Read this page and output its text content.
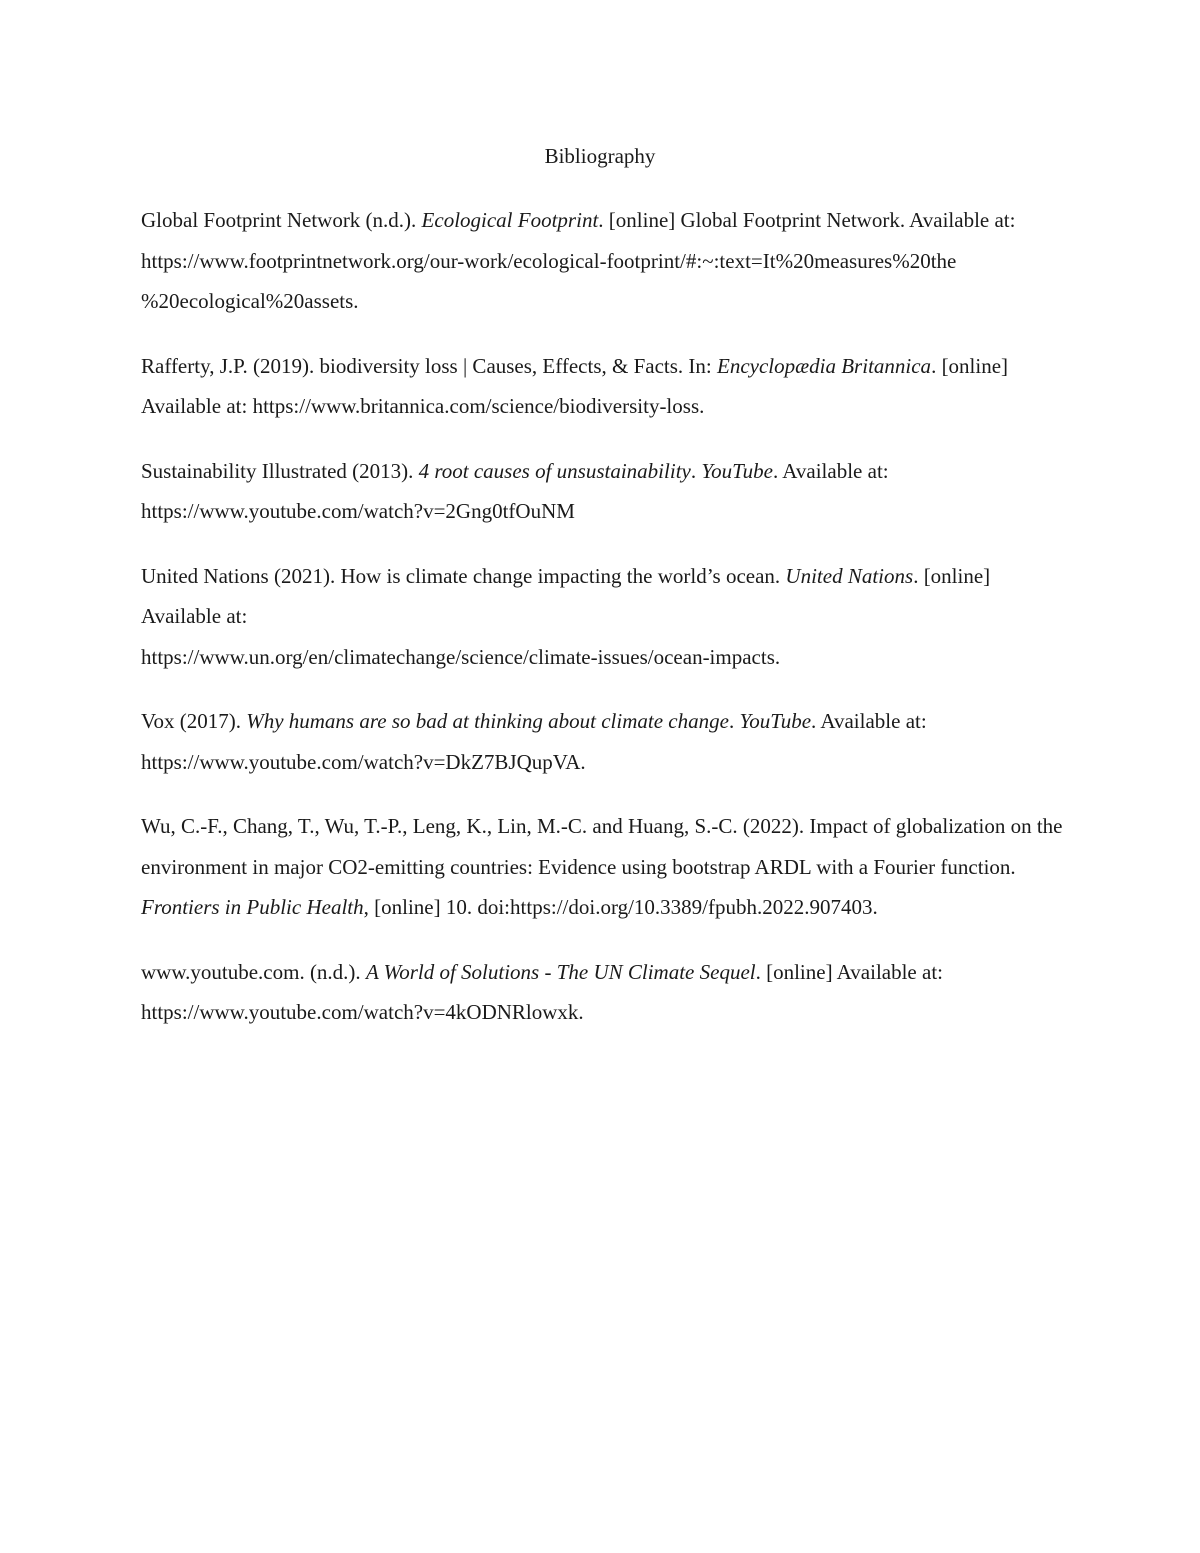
Bibliography

Global Footprint Network (n.d.). Ecological Footprint. [online] Global Footprint Network. Available at:
https://www.footprintnetwork.org/our-work/ecological-footprint/#:~:text=It%20measures%20the
%20ecological%20assets.

Rafferty, J.P. (2019). biodiversity loss | Causes, Effects, & Facts. In: Encyclopædia Britannica. [online] Available at: https://www.britannica.com/science/biodiversity-loss.

Sustainability Illustrated (2013). 4 root causes of unsustainability. YouTube. Available at: https://www.youtube.com/watch?v=2Gng0tfOuNM

United Nations (2021). How is climate change impacting the world’s ocean. United Nations. [online] Available at:
https://www.un.org/en/climatechange/science/climate-issues/ocean-impacts.

Vox (2017). Why humans are so bad at thinking about climate change. YouTube. Available at: https://www.youtube.com/watch?v=DkZ7BJQupVA.

Wu, C.-F., Chang, T., Wu, T.-P., Leng, K., Lin, M.-C. and Huang, S.-C. (2022). Impact of globalization on the environment in major CO2-emitting countries: Evidence using bootstrap ARDL with a Fourier function. Frontiers in Public Health, [online] 10. doi:https://doi.org/10.3389/fpubh.2022.907403.

www.youtube.com. (n.d.). A World of Solutions - The UN Climate Sequel. [online] Available at: https://www.youtube.com/watch?v=4kODNRlowxk.
